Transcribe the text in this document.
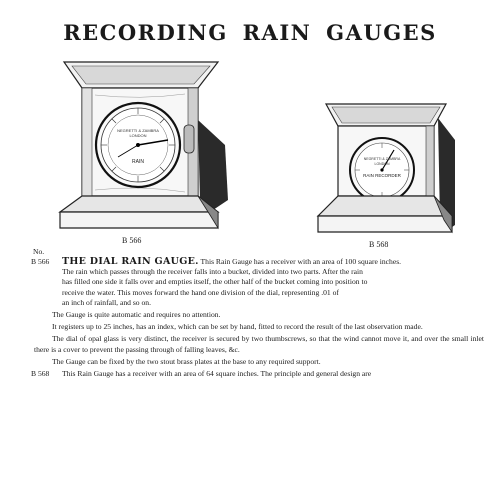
RECORDING RAIN GAUGES
NEGRETTI & ZAMBRA
LONDON
RAIN	NEGRETTI & ZAMBRA
LONDON
RAIN RECORDER
B 566	B 568
No.
B 566	THE DIAL RAIN GAUGE. This Rain Gauge has a receiver with an area of 100 square inches.
The rain which passes through the receiver falls into a bucket, divided into two parts. After the rain
has filled one side it falls over and empties itself, the other half of the bucket coming into position to
receive the water. This moves forward the hand one division of the dial, representing .01 of
an inch of rainfall, and so on.

The Gauge is quite automatic and requires no attention.

It registers up to 25 inches, has an index, which can be set by hand, fitted to record the result of the last observation made.

The dial of opal glass is very distinct, the receiver is secured by two thumbscrews, so that the wind cannot move it, and over the small inlet there is a cover to prevent the passing through of falling leaves, &c.

The Gauge can be fixed by the two stout brass plates at the base to any required support.

B 568	This Rain Gauge has a receiver with an area of 64 square inches. The principle and general design are
